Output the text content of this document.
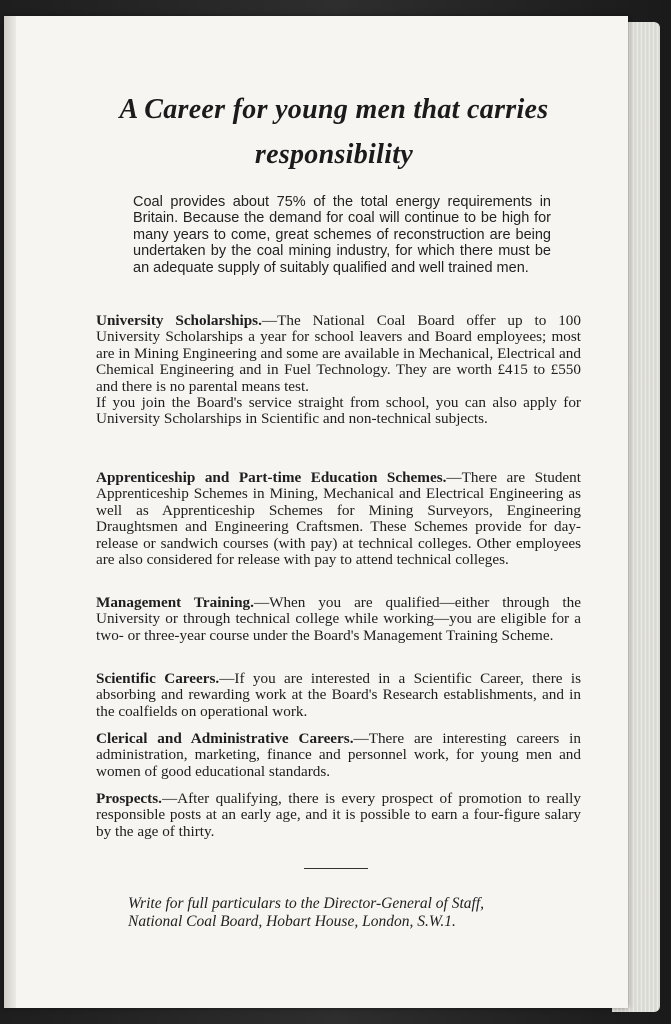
A Career for young men that carries
responsibility
Coal provides about 75% of the total energy requirements in Britain. Because the demand for coal will continue to be high for many years to come, great schemes of reconstruction are being undertaken by the coal mining industry, for which there must be an adequate supply of suitably qualified and well trained men.

University Scholarships.—The National Coal Board offer up to 100 University Scholarships a year for school leavers and Board employees; most are in Mining Engineering and some are available in Mechanical, Electrical and Chemical Engineering and in Fuel Technology. They are worth £415 to £550 and there is no parental means test.

If you join the Board's service straight from school, you can also apply for University Scholarships in Scientific and non-technical subjects.

Apprenticeship and Part-time Education Schemes.—There are Student Apprenticeship Schemes in Mining, Mechanical and Electrical Engineering as well as Apprenticeship Schemes for Mining Surveyors, Engineering Draughtsmen and Engineering Craftsmen. These Schemes provide for day-release or sandwich courses (with pay) at technical colleges. Other employees are also considered for release with pay to attend technical colleges.

Management Training.—When you are qualified—either through the University or through technical college while working—you are eligible for a two- or three-year course under the Board's Management Training Scheme.

Scientific Careers.—If you are interested in a Scientific Career, there is absorbing and rewarding work at the Board's Research establishments, and in the coalfields on operational work.

Clerical and Administrative Careers.—There are interesting careers in administration, marketing, finance and personnel work, for young men and women of good educational standards.

Prospects.—After qualifying, there is every prospect of promotion to really responsible posts at an early age, and it is possible to earn a four-figure salary by the age of thirty.

Write for full particulars to the Director-General of Staff,
National Coal Board, Hobart House, London, S.W.1.
